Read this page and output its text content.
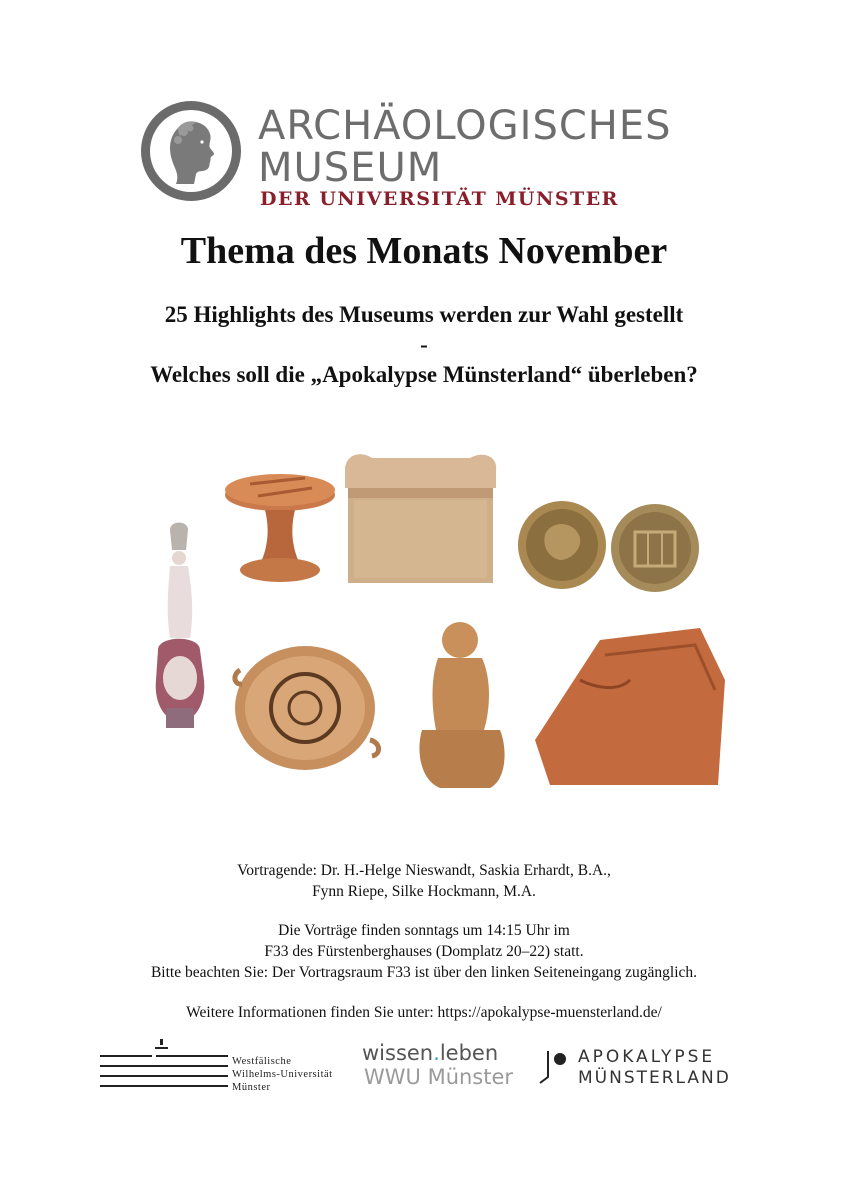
ARCHÄOLOGISCHES
MUSEUM
DER UNIVERSITÄT MÜNSTER
Thema des Monats November
25 Highlights des Museums werden zur Wahl gestellt
-
Welches soll die „Apokalypse Münsterland“ überleben?
Vortragende: Dr. H.-Helge Nieswandt, Saskia Erhardt, B.A.,
Fynn Riepe, Silke Hockmann, M.A.
Die Vorträge finden sonntags um 14:15 Uhr im
F33 des Fürstenberghauses (Domplatz 20–22) statt.
Bitte beachten Sie: Der Vortragsraum F33 ist über den linken Seiteneingang zugänglich.
Weitere Informationen finden Sie unter: https://apokalypse-muensterland.de/
Westfälische
Wilhelms-Universität
Münster
wissen.leben
WWU Münster
APOKALYPSE
MÜNSTERLAND
